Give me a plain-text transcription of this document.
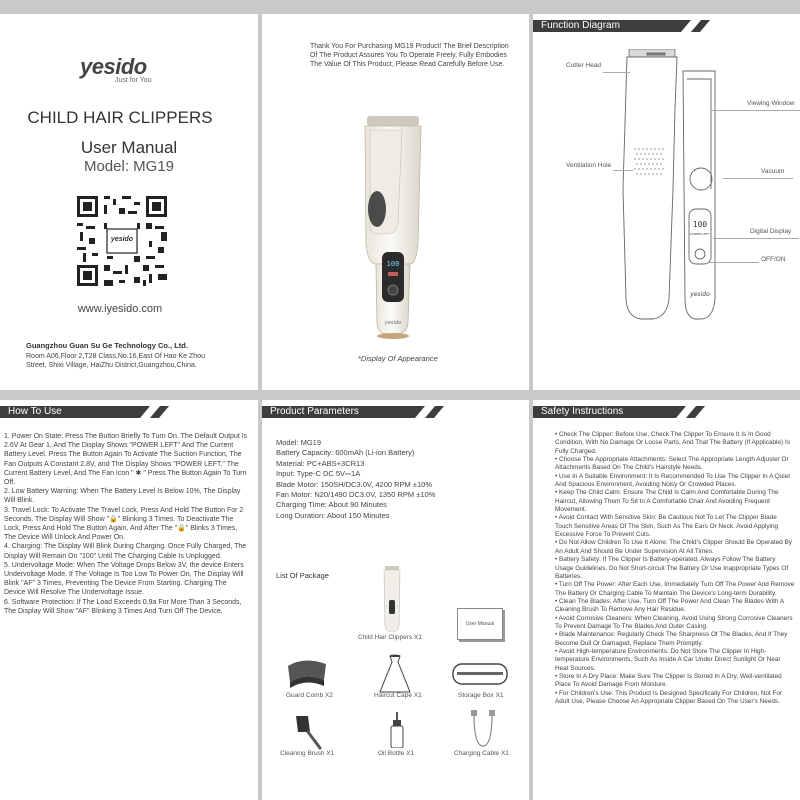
yesido
Just for You
CHILD HAIR CLIPPERS
User Manual
Model: MG19
yesido
www.iyesido.com
Guangzhou Guan Su Ge Technology Co., Ltd.
Room A06,Floor 2,T28 Class,No.16,East Of Hao Ke Zhou Street, Shixi Village, HaiZhu District,Guangzhou,China.
Thank You For Purchasing MG19 Product! The Brief Description Of The Product Assures You To Operate Freely, Fully Embodies The Value Of This Product, Please Read Carefully Before Use.
100
yesido
*Display Of Appearance
Function Diagram
100
POWER LEFT
yesido
Cutter Head
Viewing Window
Ventilation Hole
Vacuum
Digital Display
OFF/ON
How To Use
1. Power On State: Press The Button Briefly To Turn On. The Default Output Is 2.6V At Gear 1, And The Display Shows "POWER LEFT" And The Current Battery Level. Press The Button Again To Activate The Suction Function, The Fan Outputs A Constant 2.8V, and The Display Shows "POWER LEFT," The Current Battery Level, And The Fan Icon " ✱ " Press The Button Again To Turn Off.
2. Low Battery Warning: When The Battery Level Is Below 10%, The Display Will Blink.
3. Travel Lock: To Activate The Travel Lock, Press And Hold The Button For 2 Seconds. The Display Will Show "🔒" Blinking 3 Times. To Deactivate The Lock, Press And Hold The Button Again, And After The "🔒" Blinks 3 Times, The Device Will Unlock And Power On.
4. Charging: The Display Will Blink During Charging. Once Fully Charged, The Display Will Remain On "100" Until The Charging Cable Is Unplugged.
5. Undervoltage Mode: When The Voltage Drops Below 3V, the device Enters Undervoltage Mode. If The Voltage Is Too Low To Power On, The Display Will Blink "AF" 3 Times, Preventing The Device From Starting. Charging The Device Will Resolve The Undervoltage Issue.
6. Software Protection: If The Load Exceeds 0.9a For More Than 3 Seconds, The Display Will Show "AF" Blinking 3 Times And Turn Off The Device.
Product Parameters
Model: MG19
Battery Capacity: 600mAh (Li-ion Battery)
Material: PC+ABS+3CR13
Input: Type-C DC 5V⎓1A
Blade Motor: 150SH/DC3.0V, 4200 RPM ±10%
Fan Motor: N20/1490 DC3.0V, 1350 RPM ±10%
Charging Time: About 90 Minutes
Long Duration: About 150 Minutes
List Of Package
Child Hair Clippers X1
User Manual
Guard Comb X2	Haircut Cape X1	Storage Box X1
Cleaning Brush X1	Oil Bottle X1	Charging Cable X1
Safety Instructions
• Check The Clipper: Before Use, Check The Clipper To Ensure It Is In Good Condition, With No Damage Or Loose Parts, And That The Battery (If Applicable) Is Fully Charged.
• Choose The Appropriate Attachments: Select The Appropriate Length Adjuster Or Attachments Based On The Child's Hairstyle Needs.
• Use In A Suitable Environment: It Is Recommended To Use The Clipper In A Quiet And Spacious Environment, Avoiding Noisy Or Crowded Places.
• Keep The Child Calm: Ensure The Child Is Calm And Comfortable During The Haircut, Allowing Them To Sit In A Comfortable Chair And Avoiding Frequent Movement.
• Avoid Contact With Sensitive Skin: Be Cautious Not To Let The Clipper Blade Touch Sensitive Areas Of The Skin, Such As The Ears Or Neck. Avoid Applying Excessive Force To Prevent Cuts.
• Do Not Allow Children To Use It Alone: The Child's Clipper Should Be Operated By An Adult And Should Be Under Supervision At All Times.
• Battery Safety: If The Clipper Is Battery-operated, Always Follow The Battery Usage Guidelines. Do Not Short-circuit The Battery Or Use Inappropriate Types Of Batteries.
• Turn Off The Power: After Each Use, Immediately Turn Off The Power And Remove The Battery Or Charging Cable To Maintain The Device's Long-term Durability.
• Clean The Blades: After Use, Turn Off The Power And Clean The Blades With A Cleaning Brush To Remove Any Hair Residue.
• Avoid Corrosive Cleaners: When Cleaning, Avoid Using Strong Corrosive Cleaners To Prevent Damage To The Blades And Outer Casing.
• Blade Maintenance: Regularly Check The Sharpness Of The Blades, And If They Become Dull Or Damaged, Replace Them Promptly.
• Avoid High-temperature Environments: Do Not Store The Clipper In High-temperature Environments, Such As Inside A Car Under Direct Sunlight Or Near Heat Sources.
• Store In A Dry Place: Make Sure The Clipper Is Stored In A Dry, Well-ventilated Place To Avoid Damage From Moisture.
• For Children's Use: This Product Is Designed Specifically For Children, Not For Adult Use, Please Choose An Appropriate Clipper Based On The User's Needs.
